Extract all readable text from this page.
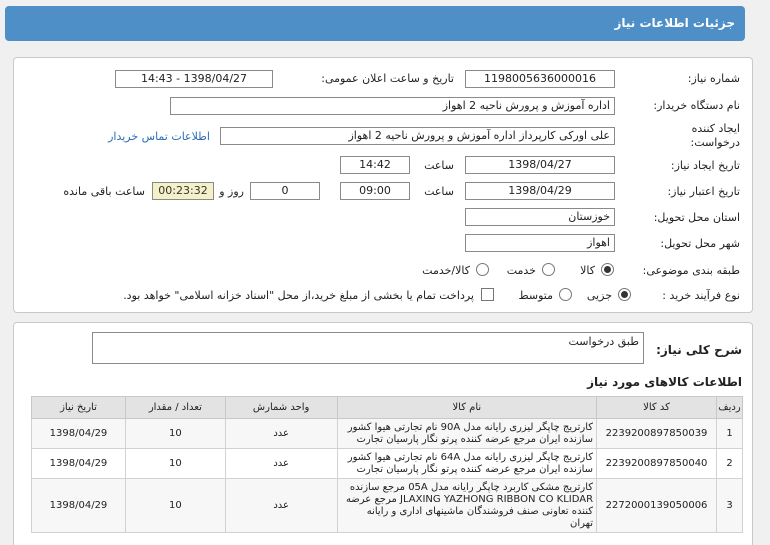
جزئیات اطلاعات نیاز
شماره نیاز:
1198005636000016
تاریخ و ساعت اعلان عمومی:
1398/04/27 - 14:43
نام دستگاه خریدار:
اداره آموزش و پرورش ناحیه 2 اهواز
ایجاد کننده
درخواست:
علی اورکی کارپرداز اداره آموزش و پرورش ناحیه 2 اهواز
اطلاعات تماس خریدار
تاریخ ایجاد نیاز:
1398/04/27
ساعت
14:42
تاریخ اعتبار نیاز:
1398/04/29
ساعت
09:00
0
روز و
00:23:32
ساعت باقی مانده
استان محل تحویل:
خوزستان
شهر محل تحویل:
اهواز
طبقه بندی موضوعی:
کالا
خدمت
کالا/خدمت
نوع فرآیند خرید :
جزیی
متوسط
پرداخت تمام یا بخشی از مبلغ خرید،از محل "اسناد خزانه اسلامی" خواهد بود.
شرح کلی نیاز:
طبق درخواست
اطلاعات کالاهای مورد نیاز
ردیف	کد کالا	نام کالا	واحد شمارش	تعداد / مقدار	تاریخ نیاز
1	2239200897850039	کارتریج چاپگر لیزری رایانه مدل 90A نام تجارتی هیوا کشور سازنده ایران مرجع عرضه کننده پرتو نگار پارسیان تجارت	عدد	10	1398/04/29
2	2239200897850040	کارتریج چاپگر لیزری رایانه مدل 64A نام تجارتی هیوا کشور سازنده ایران مرجع عرضه کننده پرتو نگار پارسیان تجارت	عدد	10	1398/04/29
3	2272000139050006	کارتریج مشکی کاربرد چاپگر رایانه مدل 05A مرجع سازنده JLAXING YAZHONG RIBBON CO KLIDAR مرجع عرضه کننده تعاونی صنف فروشندگان ماشینهای اداری و رایانه تهران	عدد	10	1398/04/29
